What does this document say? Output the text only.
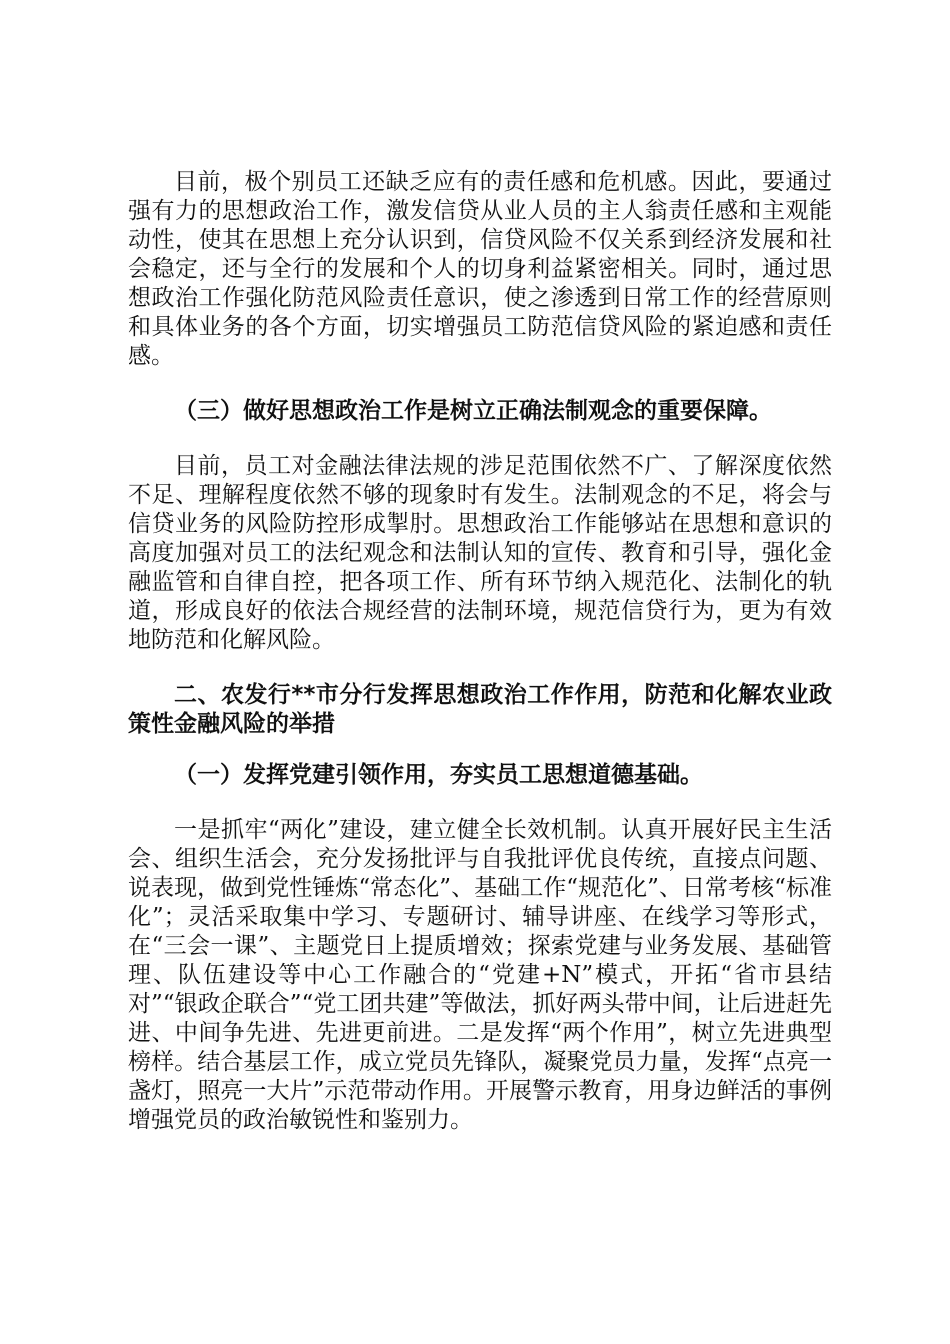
目前，极个别员工还缺乏应有的责任感和危机感。因此，要通过强有力的思想政治工作，激发信贷从业人员的主人翁责任感和主观能动性，使其在思想上充分认识到，信贷风险不仅关系到经济发展和社会稳定，还与全行的发展和个人的切身利益紧密相关。同时，通过思想政治工作强化防范风险责任意识，使之渗透到日常工作的经营原则和具体业务的各个方面，切实增强员工防范信贷风险的紧迫感和责任感。

（三）做好思想政治工作是树立正确法制观念的重要保障。

目前，员工对金融法律法规的涉足范围依然不广、了解深度依然不足、理解程度依然不够的现象时有发生。法制观念的不足，将会与信贷业务的风险防控形成掣肘。思想政治工作能够站在思想和意识的高度加强对员工的法纪观念和法制认知的宣传、教育和引导，强化金融监管和自律自控，把各项工作、所有环节纳入规范化、法制化的轨道，形成良好的依法合规经营的法制环境，规范信贷行为，更为有效地防范和化解风险。

二、农发行**市分行发挥思想政治工作作用，防范和化解农业政策性金融风险的举措

（一）发挥党建引领作用，夯实员工思想道德基础。

一是抓牢“两化”建设，建立健全长效机制。认真开展好民主生活会、组织生活会，充分发扬批评与自我批评优良传统，直接点问题、说表现，做到党性锤炼“常态化”、基础工作“规范化”、日常考核“标准化”；灵活采取集中学习、专题研讨、辅导讲座、在线学习等形式，在“三会一课”、主题党日上提质增效；探索党建与业务发展、基础管理、队伍建设等中心工作融合的“党建+N”模式，开拓“省市县结对”“银政企联合”“党工团共建”等做法，抓好两头带中间，让后进赶先进、中间争先进、先进更前进。二是发挥“两个作用”，树立先进典型榜样。结合基层工作，成立党员先锋队，凝聚党员力量，发挥“点亮一盏灯，照亮一大片”示范带动作用。开展警示教育，用身边鲜活的事例增强党员的政治敏锐性和鉴别力。
